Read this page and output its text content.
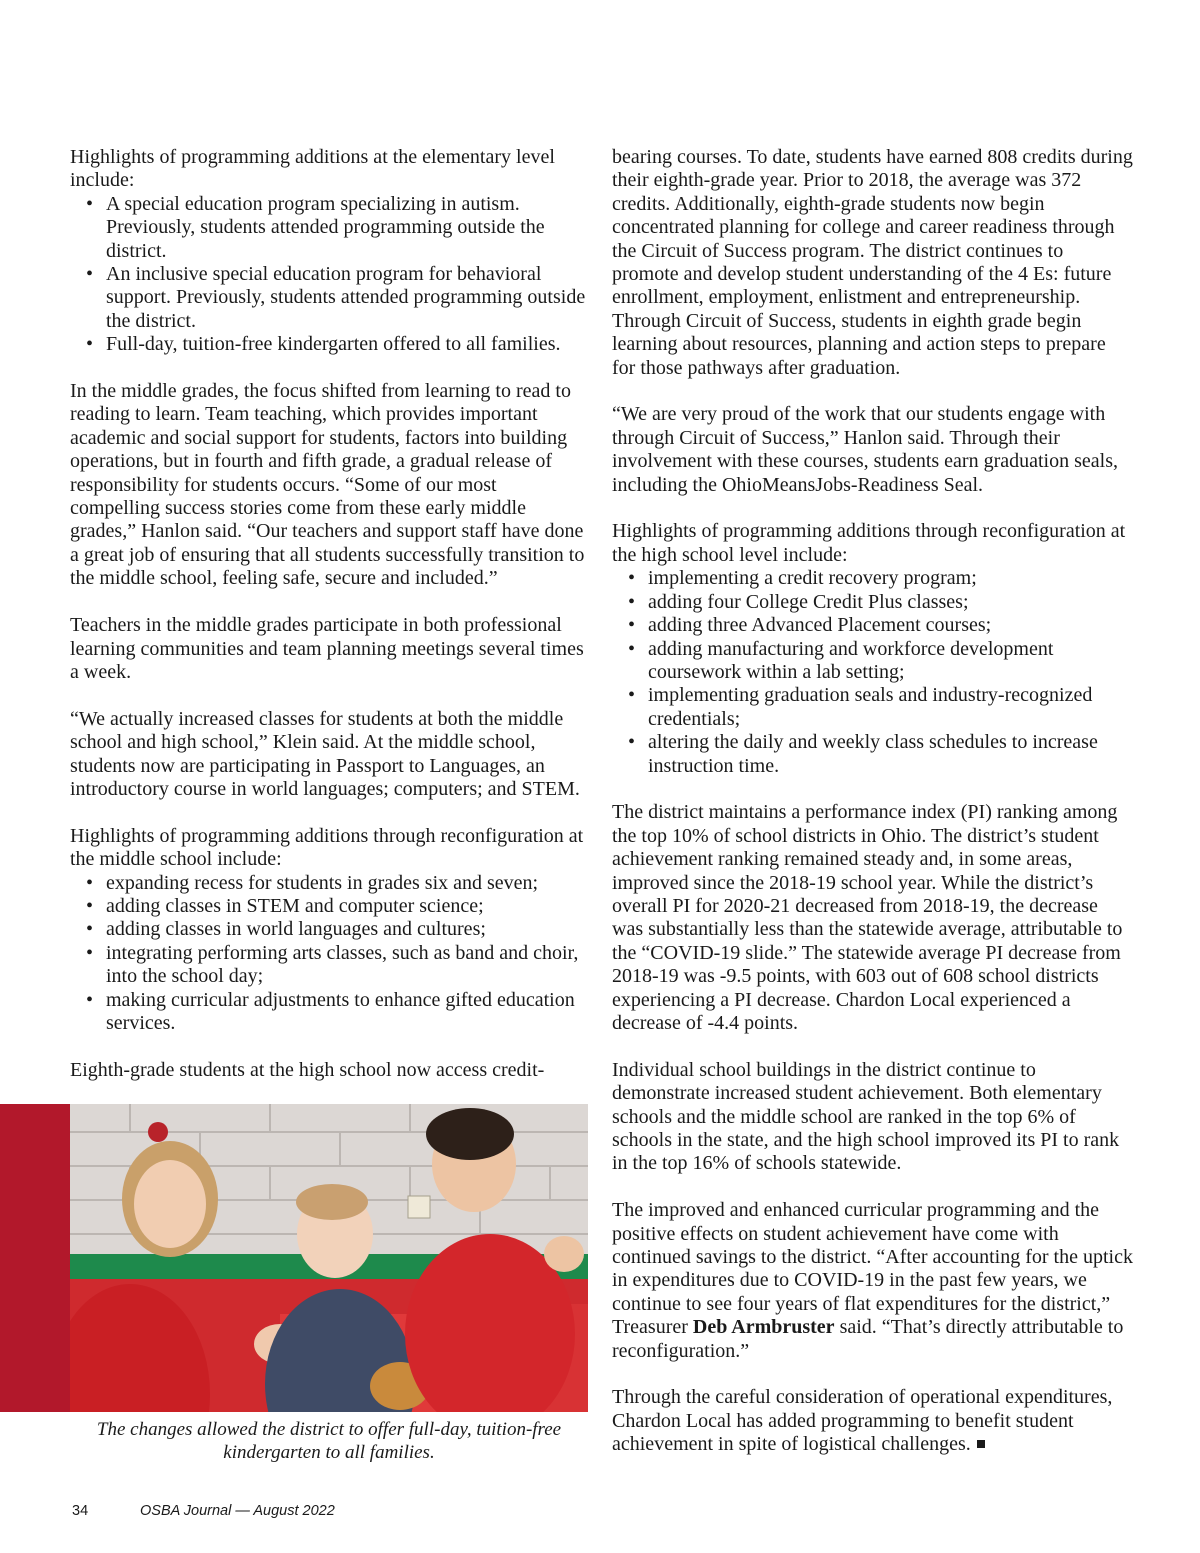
Highlights of programming additions at the elementary level include:

• A special education program specializing in autism. Previously, students attended programming outside the district.
• An inclusive special education program for behavioral support. Previously, students attended programming outside the district.
• Full-day, tuition-free kindergarten offered to all families.

In the middle grades, the focus shifted from learning to read to reading to learn. Team teaching, which provides important academic and social support for students, factors into building operations, but in fourth and fifth grade, a gradual release of responsibility for students occurs. “Some of our most compelling success stories come from these early middle grades,” Hanlon said. “Our teachers and support staff have done a great job of ensuring that all students successfully transition to the middle school, feeling safe, secure and included.”

Teachers in the middle grades participate in both professional learning communities and team planning meetings several times a week.

“We actually increased classes for students at both the middle school and high school,” Klein said. At the middle school, students now are participating in Passport to Languages, an introductory course in world languages; computers; and STEM.

Highlights of programming additions through reconfiguration at the middle school include:

• expanding recess for students in grades six and seven;
• adding classes in STEM and computer science;
• adding classes in world languages and cultures;
• integrating performing arts classes, such as band and choir, into the school day;
• making curricular adjustments to enhance gifted education services.

Eighth-grade students at the high school now access credit-

bearing courses. To date, students have earned 808 credits during their eighth-grade year. Prior to 2018, the average was 372 credits. Additionally, eighth-grade students now begin concentrated planning for college and career readiness through the Circuit of Success program. The district continues to promote and develop student understanding of the 4 Es: future enrollment, employment, enlistment and entrepreneurship. Through Circuit of Success, students in eighth grade begin learning about resources, planning and action steps to prepare for those pathways after graduation.

“We are very proud of the work that our students engage with through Circuit of Success,” Hanlon said. Through their involvement with these courses, students earn graduation seals, including the OhioMeansJobs-Readiness Seal.

Highlights of programming additions through reconfiguration at the high school level include:

• implementing a credit recovery program;
• adding four College Credit Plus classes;
• adding three Advanced Placement courses;
• adding manufacturing and workforce development coursework within a lab setting;
• implementing graduation seals and industry-recognized credentials;
• altering the daily and weekly class schedules to increase instruction time.

The district maintains a performance index (PI) ranking among the top 10% of school districts in Ohio. The district’s student achievement ranking remained steady and, in some areas, improved since the 2018-19 school year. While the district’s overall PI for 2020-21 decreased from 2018-19, the decrease was substantially less than the statewide average, attributable to the “COVID-19 slide.” The statewide average PI decrease from 2018-19 was -9.5 points, with 603 out of 608 school districts experiencing a PI decrease. Chardon Local experienced a decrease of -4.4 points.

Individual school buildings in the district continue to demonstrate increased student achievement. Both elementary schools and the middle school are ranked in the top 6% of schools in the state, and the high school improved its PI to rank in the top 16% of schools statewide.

The improved and enhanced curricular programming and the positive effects on student achievement have come with continued savings to the district. “After accounting for the uptick in expenditures due to COVID-19 in the past few years, we continue to see four years of flat expenditures for the district,” Treasurer Deb Armbruster said. “That’s directly attributable to reconfiguration.”

Through the careful consideration of operational expenditures, Chardon Local has added programming to benefit student achievement in spite of logistical challenges.

The changes allowed the district to offer full-day, tuition-free kindergarten to all families.
34	OSBA Journal — August 2022
